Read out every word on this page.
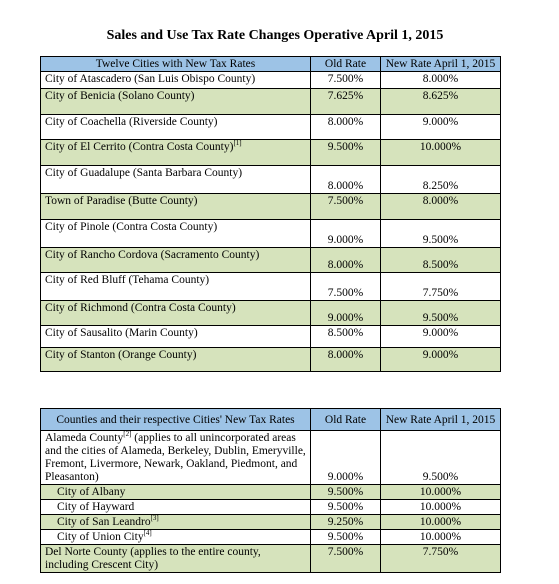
Sales and Use Tax Rate Changes Operative April 1, 2015
Twelve Cities with New Tax Rates	Old Rate	New Rate April 1, 2015
City of Atascadero (San Luis Obispo County)	7.500%	8.000%
City of Benicia (Solano County)	7.625%	8.625%
City of Coachella (Riverside County)	8.000%	9.000%
City of El Cerrito (Contra Costa County)[1]	9.500%	10.000%
City of Guadalupe (Santa Barbara County)	8.000%	8.250%
Town of Paradise (Butte County)	7.500%	8.000%
City of Pinole (Contra Costa County)	9.000%	9.500%
City of Rancho Cordova (Sacramento County)	8.000%	8.500%
City of Red Bluff (Tehama County)	7.500%	7.750%
City of Richmond (Contra Costa County)	9.000%	9.500%
City of Sausalito (Marin County)	8.500%	9.000%
City of Stanton (Orange County)	8.000%	9.000%
Counties and their respective Cities' New Tax Rates	Old Rate	New Rate April 1, 2015
Alameda County[2] (applies to all unincorporated areas and the cities of Alameda, Berkeley, Dublin, Emeryville, Fremont, Livermore, Newark, Oakland, Piedmont, and Pleasanton)	9.000%	9.500%
City of Albany	9.500%	10.000%
City of Hayward	9.500%	10.000%
City of San Leandro[3]	9.250%	10.000%
City of Union City[4]	9.500%	10.000%
Del Norte County (applies to the entire county, including Crescent City)	7.500%	7.750%
